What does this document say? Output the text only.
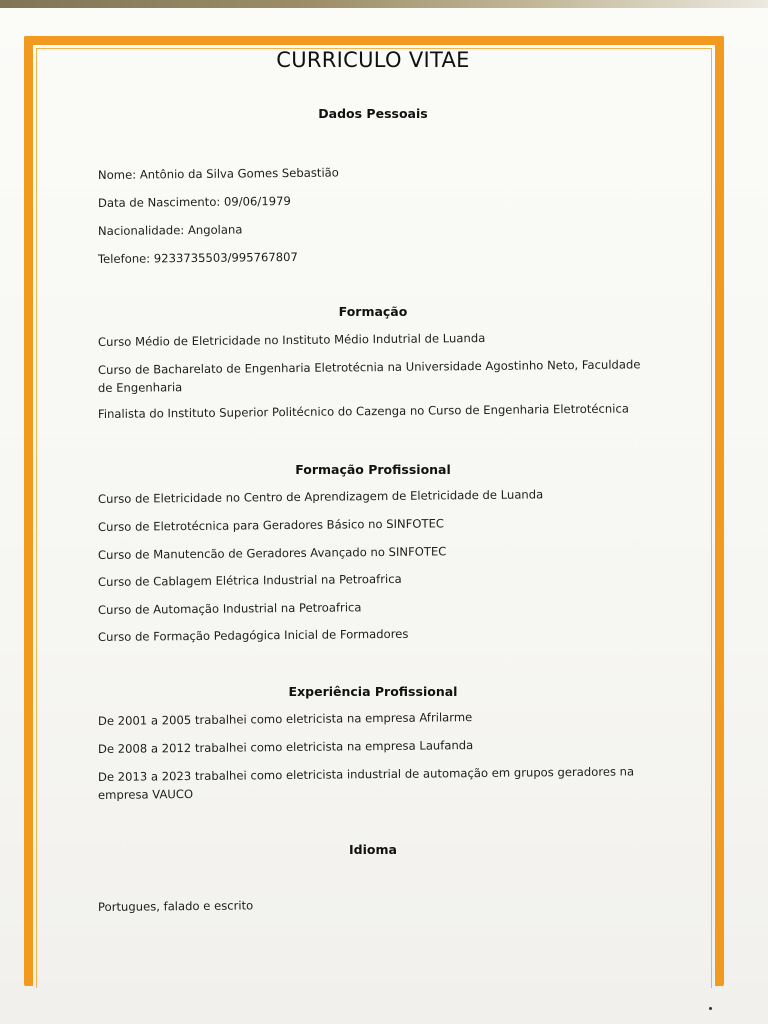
CURRICULO VITAE
Dados Pessoais
Nome: Antônio da Silva Gomes Sebastião
Data de Nascimento: 09/06/1979
Nacionalidade: Angolana
Telefone: 9233735503/995767807
Formação
Curso Médio de Eletricidade no Instituto Médio Indutrial de Luanda
Curso de Bacharelato de Engenharia Eletrotécnia na Universidade Agostinho Neto, Faculdade
de Engenharia
Finalista do Instituto Superior Politécnico do Cazenga no Curso de Engenharia Eletrotécnica
Formação Profissional
Curso de Eletricidade no Centro de Aprendizagem de Eletricidade de Luanda
Curso de Eletrotécnica para Geradores Básico no SINFOTEC
Curso de Manutencão de Geradores Avançado no SINFOTEC
Curso de Cablagem Elétrica Industrial na Petroafrica
Curso de Automação Industrial na Petroafrica
Curso de Formação Pedagógica Inicial de Formadores
Experiência Profissional
De 2001 a 2005 trabalhei como eletricista na empresa Afrilarme
De 2008 a 2012 trabalhei como eletricista na empresa Laufanda
De 2013 a 2023 trabalhei como eletricista industrial de automação em grupos geradores na
empresa VAUCO
Idioma
Portugues, falado e escrito
